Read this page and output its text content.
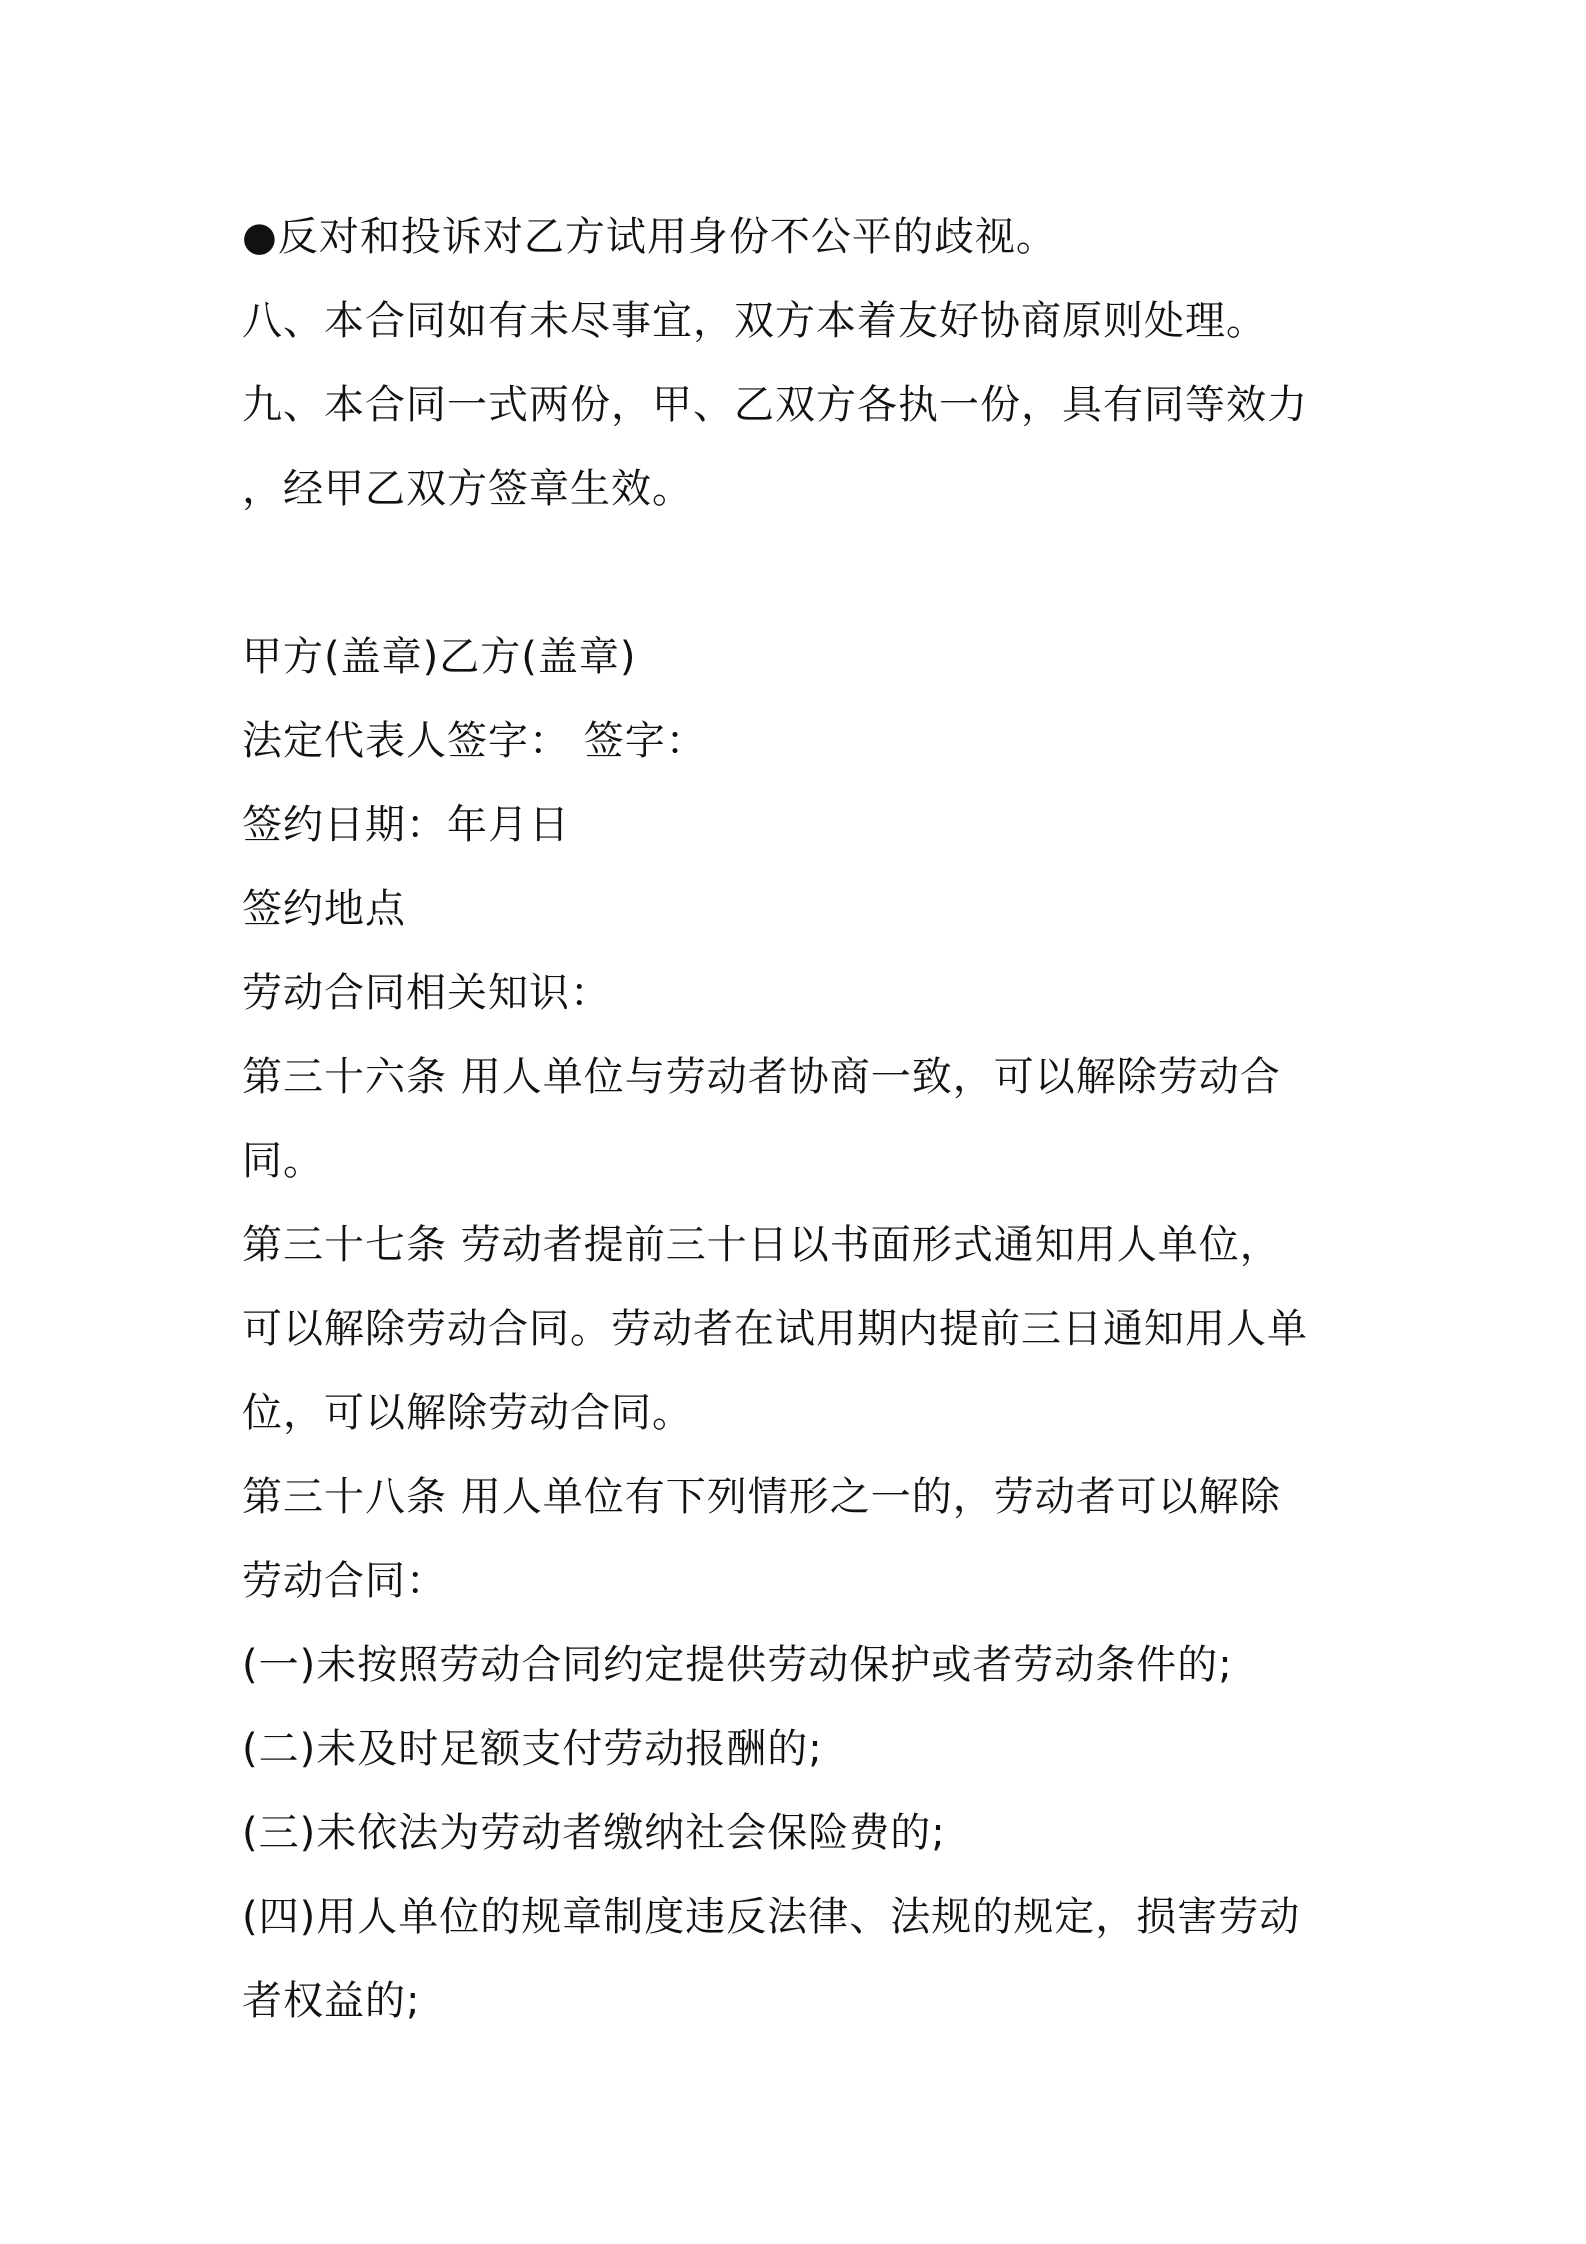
●反对和投诉对乙方试用身份不公平的歧视。
八、本合同如有未尽事宜，双方本着友好协商原则处理。
九、本合同一式两份，甲、乙双方各执一份，具有同等效力
，经甲乙双方签章生效。
甲方(盖章)乙方(盖章)
法定代表人签字： 签字：
签约日期：年月日
签约地点
劳动合同相关知识：
第三十六条 用人单位与劳动者协商一致，可以解除劳动合
同。
第三十七条 劳动者提前三十日以书面形式通知用人单位，
可以解除劳动合同。劳动者在试用期内提前三日通知用人单
位，可以解除劳动合同。
第三十八条 用人单位有下列情形之一的，劳动者可以解除
劳动合同：
(一)未按照劳动合同约定提供劳动保护或者劳动条件的;
(二)未及时足额支付劳动报酬的;
(三)未依法为劳动者缴纳社会保险费的;
(四)用人单位的规章制度违反法律、法规的规定，损害劳动
者权益的;
